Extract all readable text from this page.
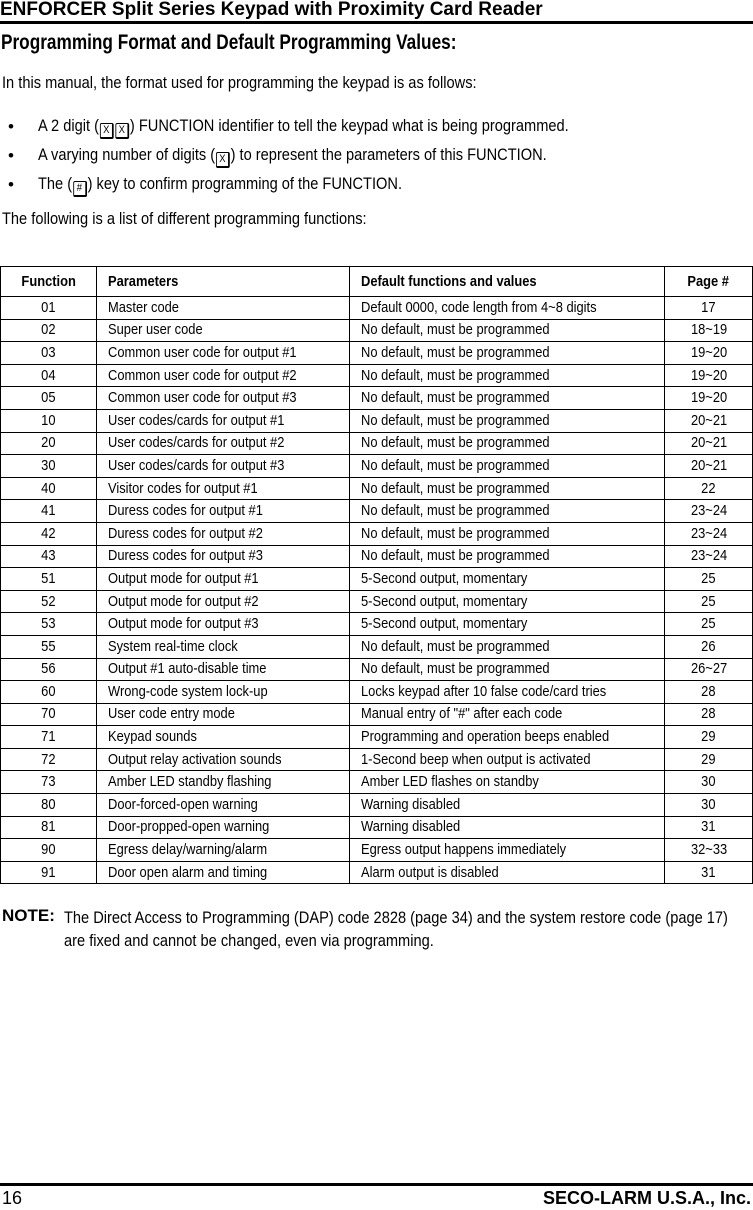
ENFORCER Split Series Keypad with Proximity Card Reader
Programming Format and Default Programming Values:
In this manual, the format used for programming the keypad is as follows:
• A 2 digit ( X X ) FUNCTION identifier to tell the keypad what is being programmed.
• A varying number of digits ( X ) to represent the parameters of this FUNCTION.
• The ( # ) key to confirm programming of the FUNCTION.
The following is a list of different programming functions:
Function	Parameters	Default functions and values	Page #
01	Master code	Default 0000, code length from 4~8 digits	17
02	Super user code	No default, must be programmed	18~19
03	Common user code for output #1	No default, must be programmed	19~20
04	Common user code for output #2	No default, must be programmed	19~20
05	Common user code for output #3	No default, must be programmed	19~20
10	User codes/cards for output #1	No default, must be programmed	20~21
20	User codes/cards for output #2	No default, must be programmed	20~21
30	User codes/cards for output #3	No default, must be programmed	20~21
40	Visitor codes for output #1	No default, must be programmed	22
41	Duress codes for output #1	No default, must be programmed	23~24
42	Duress codes for output #2	No default, must be programmed	23~24
43	Duress codes for output #3	No default, must be programmed	23~24
51	Output mode for output #1	5-Second output, momentary	25
52	Output mode for output #2	5-Second output, momentary	25
53	Output mode for output #3	5-Second output, momentary	25
55	System real-time clock	No default, must be programmed	26
56	Output #1 auto-disable time	No default, must be programmed	26~27
60	Wrong-code system lock-up	Locks keypad after 10 false code/card tries	28
70	User code entry mode	Manual entry of "#" after each code	28
71	Keypad sounds	Programming and operation beeps enabled	29
72	Output relay activation sounds	1-Second beep when output is activated	29
73	Amber LED standby flashing	Amber LED flashes on standby	30
80	Door-forced-open warning	Warning disabled	30
81	Door-propped-open warning	Warning disabled	31
90	Egress delay/warning/alarm	Egress output happens immediately	32~33
91	Door open alarm and timing	Alarm output is disabled	31
NOTE: The Direct Access to Programming (DAP) code 2828 (page 34) and the system restore code (page 17) are fixed and cannot be changed, even via programming.
16	SECO-LARM U.S.A., Inc.
